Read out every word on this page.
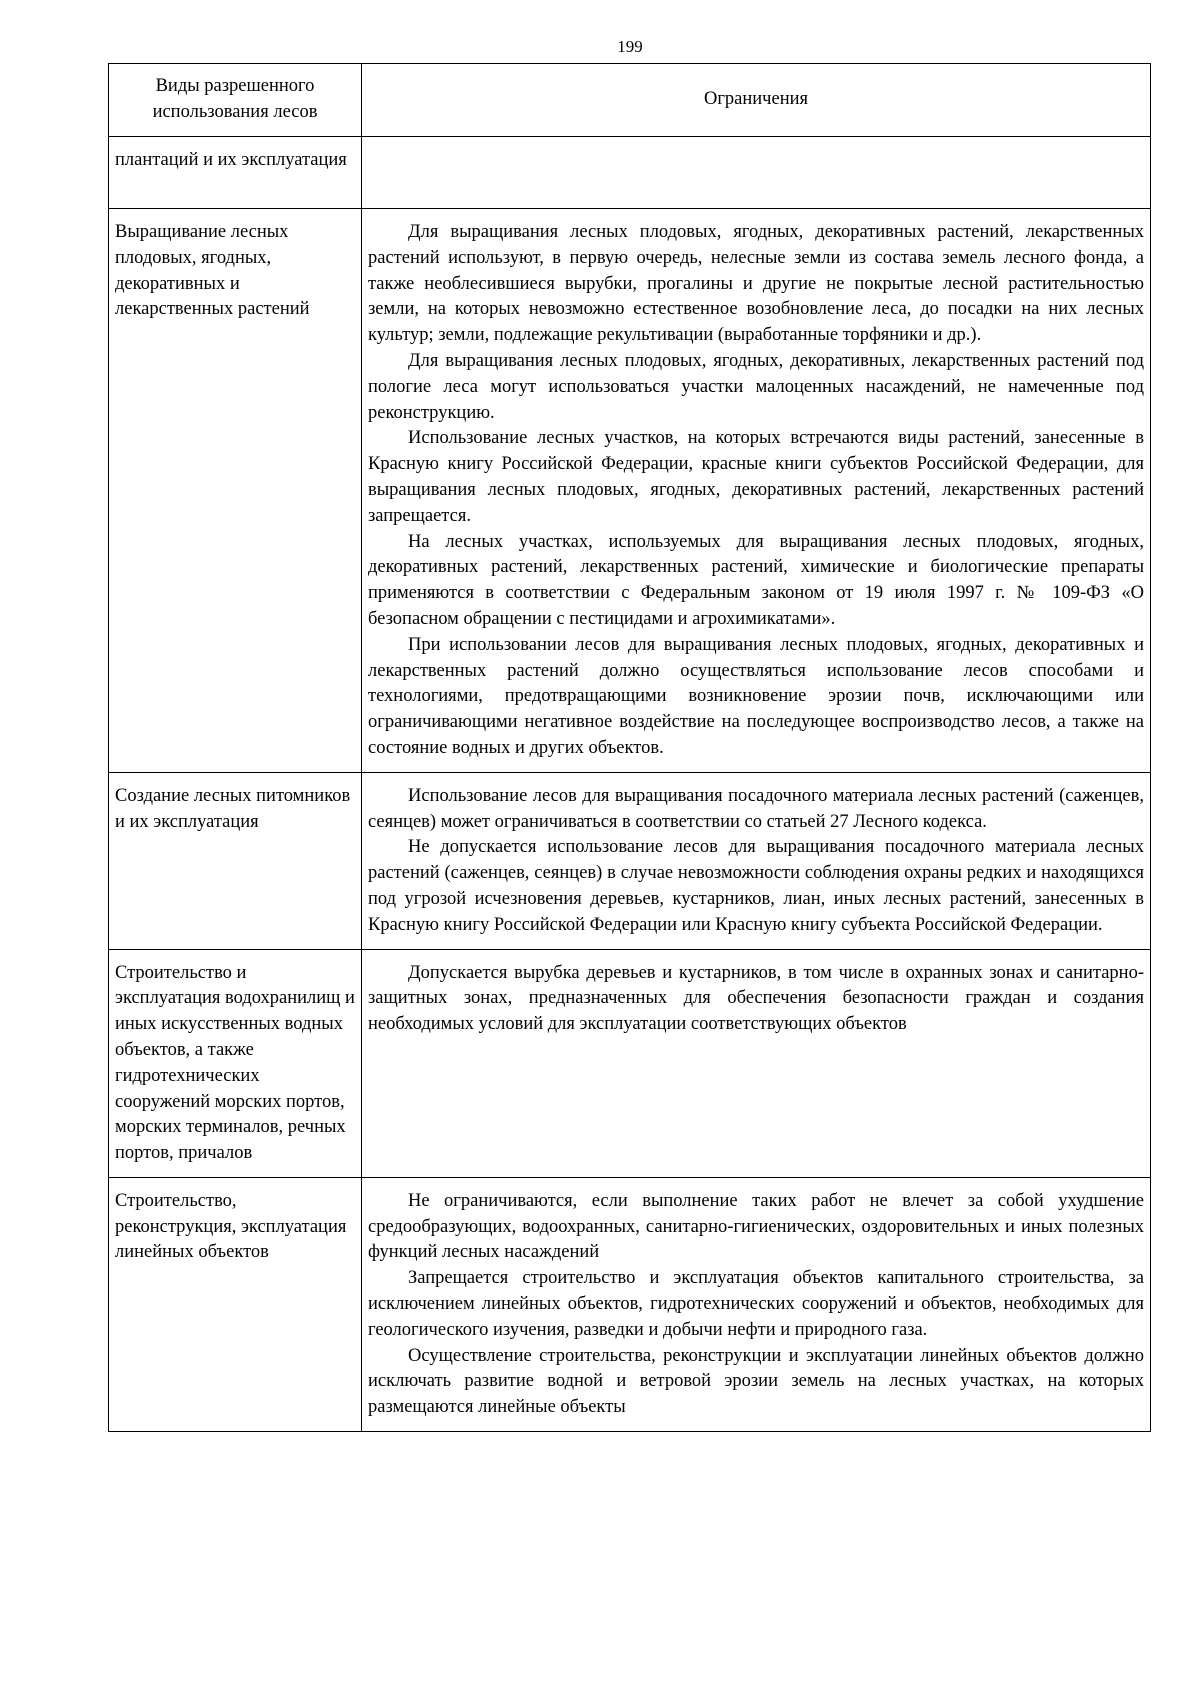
199
Виды разрешенного использования лесов	Ограничения
плантаций и их эксплуатация	
Выращивание лесных плодовых, ягодных, декоративных и лекарственных растений	Для выращивания лесных плодовых, ягодных, декоративных растений, лекарственных растений используют, в первую очередь, нелесные земли из состава земель лесного фонда, а также необлесившиеся вырубки, прогалины и другие не покрытые лесной растительностью земли, на которых невозможно естественное возобновление леса, до посадки на них лесных культур; земли, подлежащие рекультивации (выработанные торфяники и др.).

Для выращивания лесных плодовых, ягодных, декоративных, лекарственных растений под пологие леса могут использоваться участки малоценных насаждений, не намеченные под реконструкцию.

Использование лесных участков, на которых встречаются виды растений, занесенные в Красную книгу Российской Федерации, красные книги субъектов Российской Федерации, для выращивания лесных плодовых, ягодных, декоративных растений, лекарственных растений запрещается.

На лесных участках, используемых для выращивания лесных плодовых, ягодных, декоративных растений, лекарственных растений, химические и биологические препараты применяются в соответствии с Федеральным законом от 19 июля 1997 г. № 109-ФЗ «О безопасном обращении с пестицидами и агрохимикатами».

При использовании лесов для выращивания лесных плодовых, ягодных, декоративных и лекарственных растений должно осуществляться использование лесов способами и технологиями, предотвращающими возникновение эрозии почв, исключающими или ограничивающими негативное воздействие на последующее воспроизводство лесов, а также на состояние водных и других объектов.

Создание лесных питомников и их эксплуатация	Использование лесов для выращивания посадочного материала лесных растений (саженцев, сеянцев) может ограничиваться в соответствии со статьей 27 Лесного кодекса.

Не допускается использование лесов для выращивания посадочного материала лесных растений (саженцев, сеянцев) в случае невозможности соблюдения охраны редких и находящихся под угрозой исчезновения деревьев, кустарников, лиан, иных лесных растений, занесенных в Красную книгу Российской Федерации или Красную книгу субъекта Российской Федерации.

Строительство и эксплуатация водохранилищ и иных искусственных водных объектов, а также гидротехнических сооружений морских портов, морских терминалов, речных портов, причалов	Допускается вырубка деревьев и кустарников, в том числе в охранных зонах и санитарно-защитных зонах, предназначенных для обеспечения безопасности граждан и создания необходимых условий для эксплуатации соответствующих объектов

Строительство, реконструкция, эксплуатация линейных объектов	Не ограничиваются, если выполнение таких работ не влечет за собой ухудшение средообразующих, водоохранных, санитарно-гигиенических, оздоровительных и иных полезных функций лесных насаждений

Запрещается строительство и эксплуатация объектов капитального строительства, за исключением линейных объектов, гидротехнических сооружений и объектов, необходимых для геологического изучения, разведки и добычи нефти и природного газа.

Осуществление строительства, реконструкции и эксплуатации линейных объектов должно исключать развитие водной и ветровой эрозии земель на лесных участках, на которых размещаются линейные объекты
